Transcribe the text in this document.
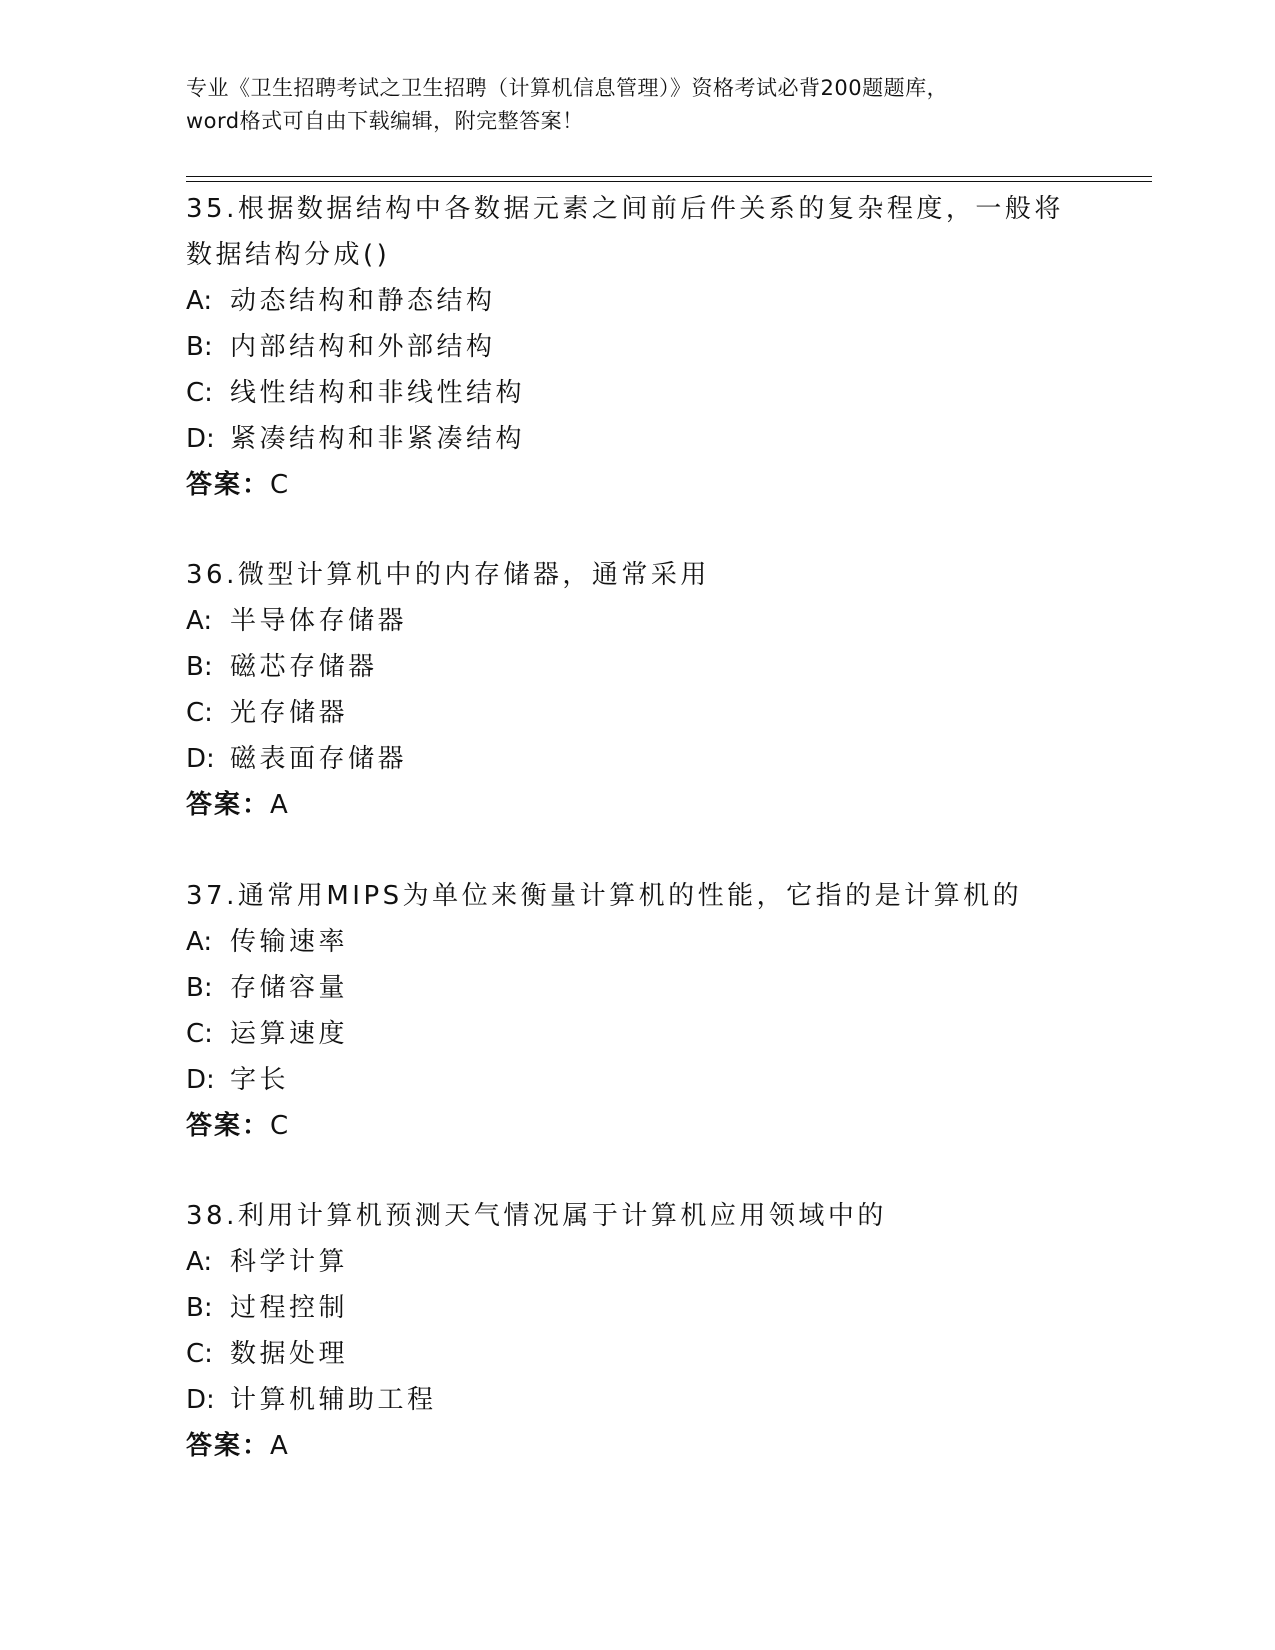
专业《卫生招聘考试之卫生招聘（计算机信息管理）》资格考试必背200题题库，
word格式可自由下载编辑，附完整答案！
35.根据数据结构中各数据元素之间前后件关系的复杂程度，一般将数据结构分成()
A: 动态结构和静态结构
B: 内部结构和外部结构
C: 线性结构和非线性结构
D: 紧凑结构和非紧凑结构
答案：C
36.微型计算机中的内存储器，通常采用
A: 半导体存储器
B: 磁芯存储器
C: 光存储器
D: 磁表面存储器
答案：A
37.通常用MIPS为单位来衡量计算机的性能，它指的是计算机的
A: 传输速率
B: 存储容量
C: 运算速度
D: 字长
答案：C
38.利用计算机预测天气情况属于计算机应用领域中的
A: 科学计算
B: 过程控制
C: 数据处理
D: 计算机辅助工程
答案：A
